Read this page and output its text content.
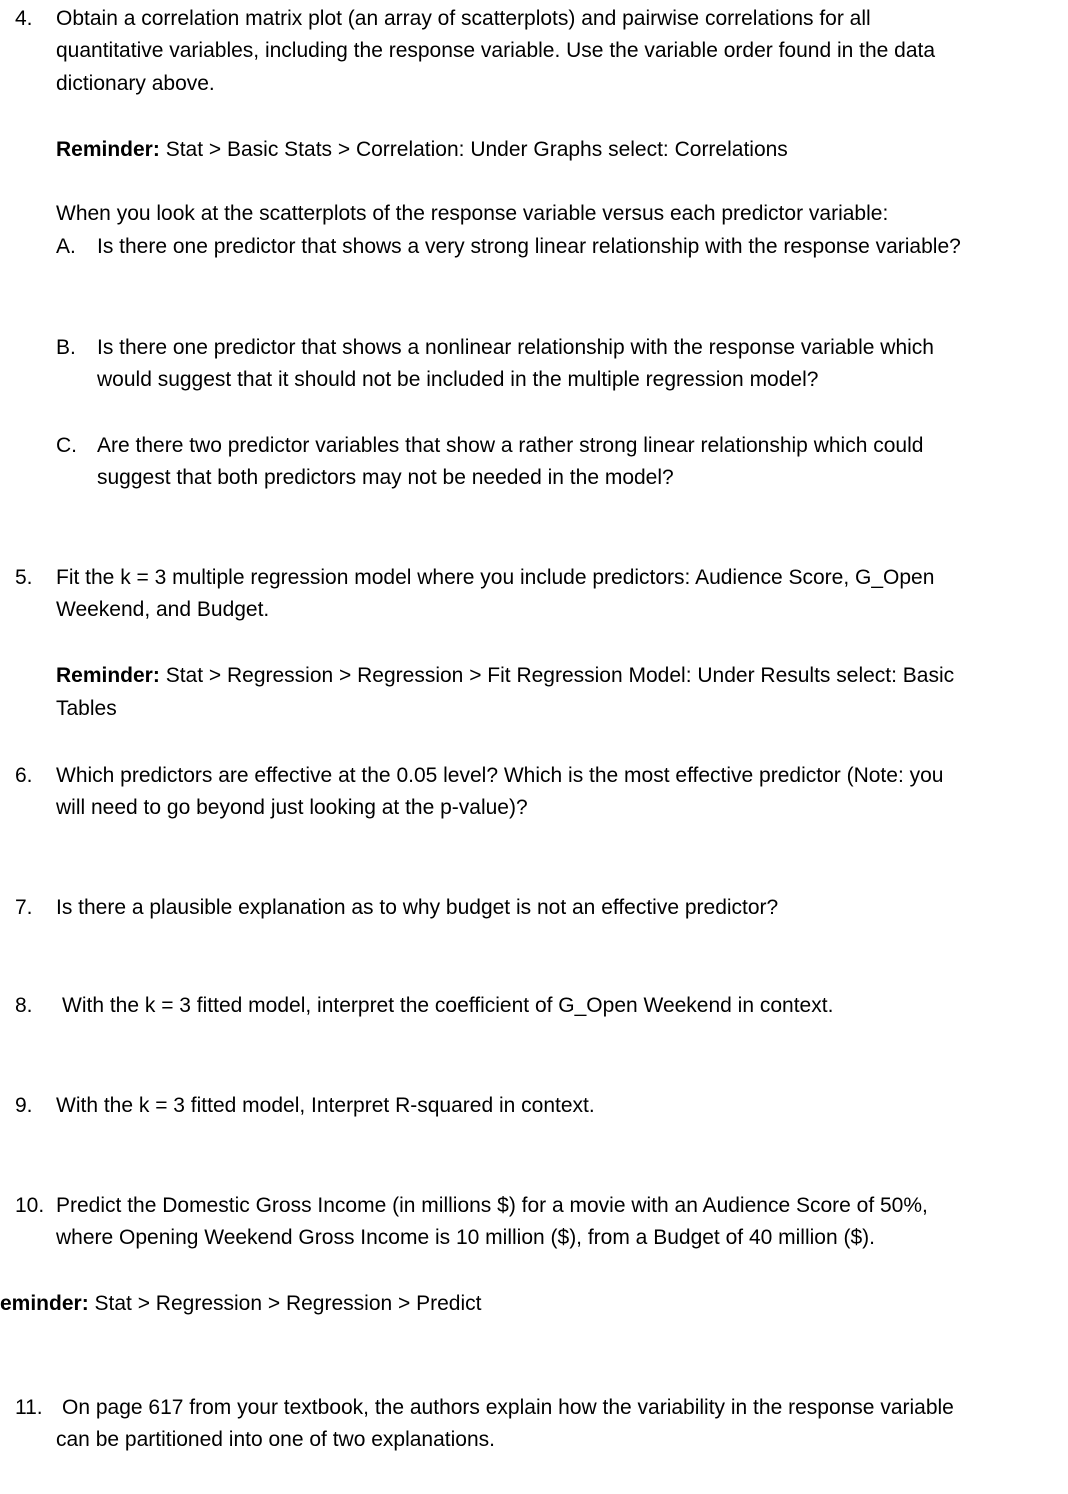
4. Obtain a correlation matrix plot (an array of scatterplots) and pairwise correlations for all
quantitative variables, including the response variable. Use the variable order found in the data
dictionary above.
Reminder: Stat > Basic Stats > Correlation: Under Graphs select: Correlations
When you look at the scatterplots of the response variable versus each predictor variable:
A. Is there one predictor that shows a very strong linear relationship with the response variable?
B. Is there one predictor that shows a nonlinear relationship with the response variable which
would suggest that it should not be included in the multiple regression model?
C. Are there two predictor variables that show a rather strong linear relationship which could
suggest that both predictors may not be needed in the model?
5. Fit the k = 3 multiple regression model where you include predictors: Audience Score, G_Open
Weekend, and Budget.
Reminder: Stat > Regression > Regression > Fit Regression Model: Under Results select: Basic
Tables
6. Which predictors are effective at the 0.05 level? Which is the most effective predictor (Note: you
will need to go beyond just looking at the p-value)?
7. Is there a plausible explanation as to why budget is not an effective predictor?
8. With the k = 3 fitted model, interpret the coefficient of G_Open Weekend in context.
9. With the k = 3 fitted model, Interpret R-squared in context.
10. Predict the Domestic Gross Income (in millions $) for a movie with an Audience Score of 50%,
where Opening Weekend Gross Income is 10 million ($), from a Budget of 40 million ($).
eminder: Stat > Regression > Regression > Predict
11. On page 617 from your textbook, the authors explain how the variability in the response variable
can be partitioned into one of two explanations.
